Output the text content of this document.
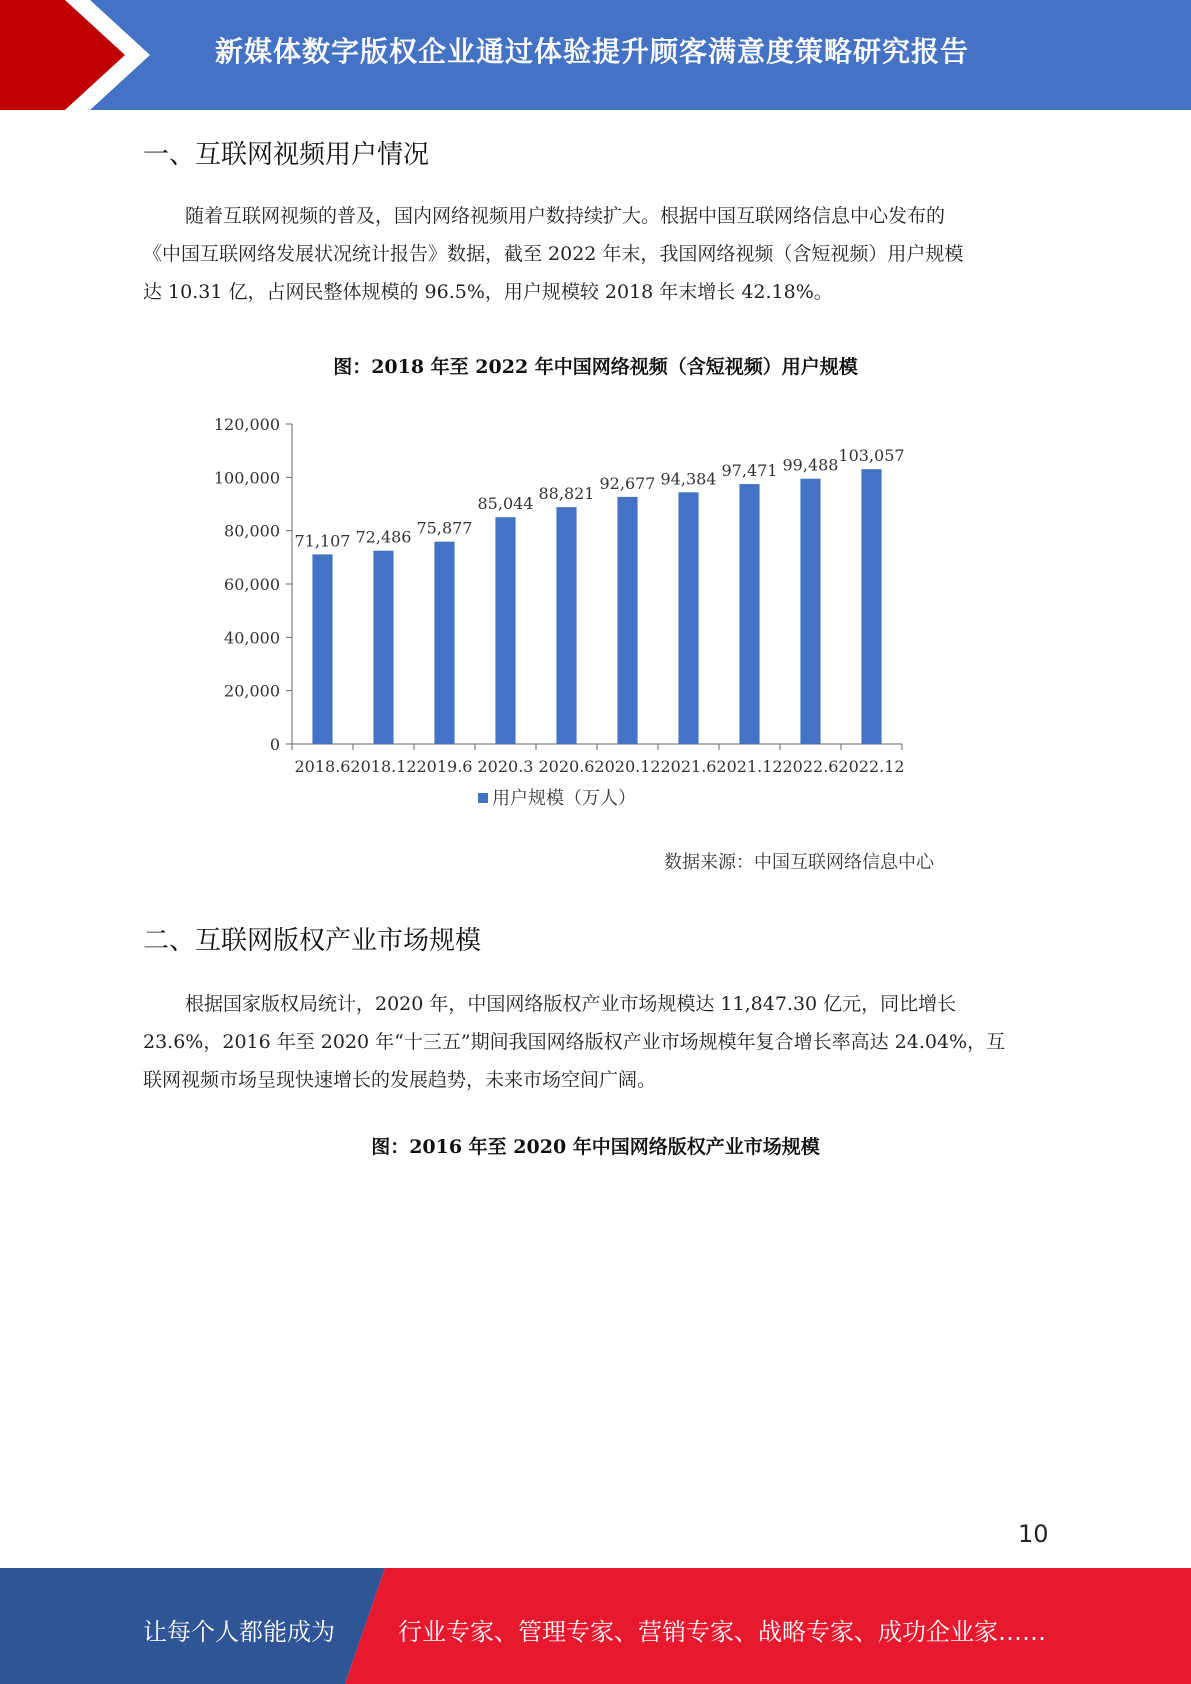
新媒体数字版权企业通过体验提升顾客满意度策略研究报告
一、互联网视频用户情况

随着互联网视频的普及，国内网络视频用户数持续扩大。根据中国互联网络信息中心发布的

《中国互联网络发展状况统计报告》数据，截至 2022 年末，我国网络视频（含短视频）用户规模

达 10.31 亿，占网民整体规模的 96.5%，用户规模较 2018 年末增长 42.18%。

图：2018 年至 2022 年中国网络视频（含短视频）用户规模
0
20,000
40,000
60,000
80,000
100,000
120,000
71,107
2018.6
72,486
2018.12
75,877
2019.6
85,044
2020.3
88,821
2020.6
92,677
2020.12
94,384
2021.6
97,471
2021.12
99,488
2022.6
103,057
2022.12
用户规模（万人）
数据来源：中国互联网络信息中心
二、互联网版权产业市场规模

根据国家版权局统计，2020 年，中国网络版权产业市场规模达 11,847.30 亿元，同比增长

23.6%，2016 年至 2020 年“十三五”期间我国网络版权产业市场规模年复合增长率高达 24.04%，互

联网视频市场呈现快速增长的发展趋势，未来市场空间广阔。

图：2016 年至 2020 年中国网络版权产业市场规模
10
让每个人都能成为	行业专家、管理专家、营销专家、战略专家、成功企业家……
